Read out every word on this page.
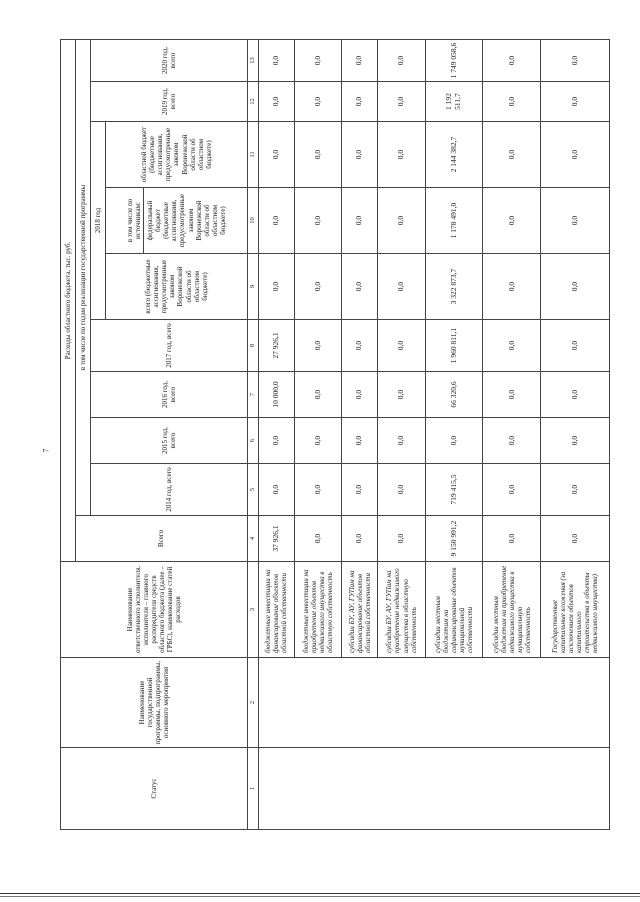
7
Статус	Наименование государственной программы, подпрограммы, основного мероприятия	Наименование ответственного исполнителя, исполнителя – главного распорядителя средств областного бюджета (далее – ГРБС), наименование статей расходов	Расходы областного бюджета, тыс. руб.									
			Всего	в том числе по годам реализации государственной программы								
				2014 год, всего	2015 год, всего	2016 год, всего	2017 год, всего	2018 год			2019 год, всего	2020 год, всего
								всего (бюджетные ассигнования, предусмотренные законом Воронежской области об областном бюджете)	в том числе по источникам: федеральный бюджет (бюджетные ассигнования, предусмотренные законом Воронежской области об областном бюджете)	областной бюджет (бюджетные ассигнования, предусмотренные законом Воронежской области об областном бюджете)		
1	2	3	4	5	6	7	8	9	10	11	12	13
		бюджетные инвестиции на финансирование объектов областной собственности	37 926,1	0,0	0,0	10 000,0	27 926,1	0,0	0,0	0,0	0,0	0,0
		бюджетные инвестиции на приобретение объектов недвижимого имущества в областную собственность	0,0	0,0	0,0	0,0	0,0	0,0	0,0	0,0	0,0	0,0
		субсидии БУ, АУ, ГУПам на финансирование объектов областной собственности	0,0	0,0	0,0	0,0	0,0	0,0	0,0	0,0	0,0	0,0
		субсидии БУ, АУ, ГУПам на приобретение недвижимого имущества в областную собственность	0,0	0,0	0,0	0,0	0,0	0,0	0,0	0,0	0,0	0,0
		субсидии местным бюджетам на софинансирование объектов муниципальной собственности	9 150 991,2	719 415,5	0,0	66 320,6	1 960 811,1	3 322 873,7	1 178 491,0	2 144 382,7	1 192 511,7	1 749 058,6
		субсидии местным бюджетам на приобретение недвижимого имущества в муниципальную собственность	0,0	0,0	0,0	0,0	0,0	0,0	0,0	0,0	0,0	0,0
		Государственные капитальные вложения (за исключением объектов капитального строительства в объекты недвижимого имущества)	0,0	0,0	0,0	0,0	0,0	0,0	0,0	0,0	0,0	0,0
